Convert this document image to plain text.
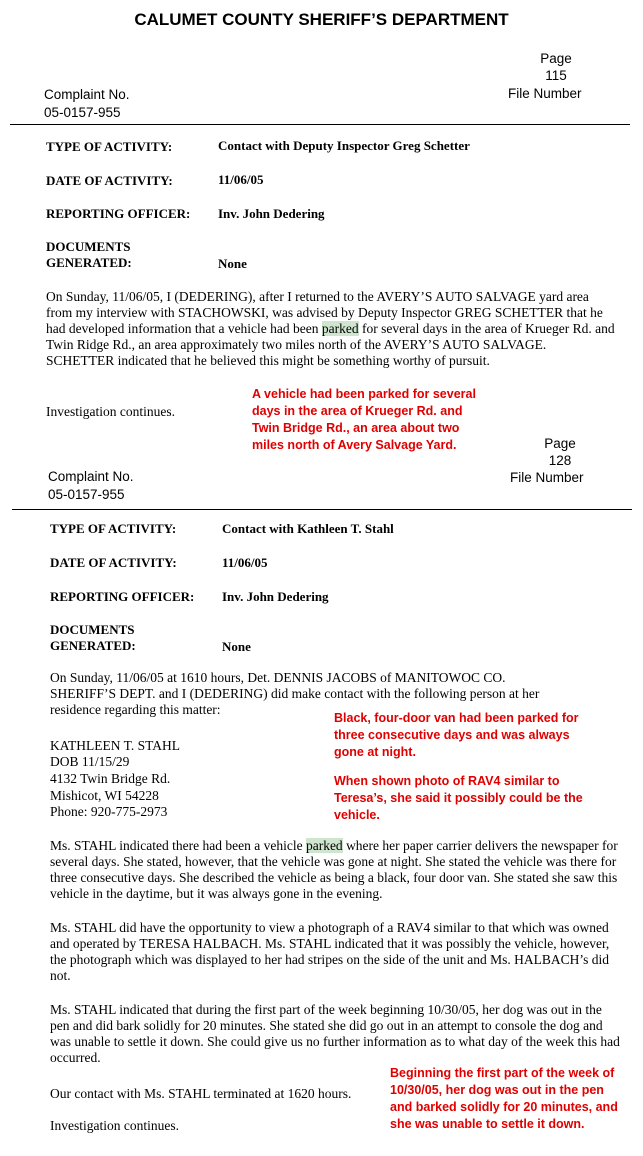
CALUMET COUNTY SHERIFF’S DEPARTMENT
Page
115
Complaint No.	File Number
05-0157-955
TYPE OF ACTIVITY:	Contact with Deputy Inspector Greg Schetter
DATE OF ACTIVITY:	11/06/05
REPORTING OFFICER: Inv. John Dedering
DOCUMENTS
GENERATED:	None
On Sunday, 11/06/05, I (DEDERING), after I returned to the AVERY’S AUTO SALVAGE yard area from my interview with STACHOWSKI, was advised by Deputy Inspector GREG SCHETTER that he had developed information that a vehicle had been parked for several days in the area of Krueger Rd. and Twin Ridge Rd., an area approximately two miles north of the AVERY’S AUTO SALVAGE. SCHETTER indicated that he believed this might be something worthy of pursuit.
Investigation continues.
A vehicle had been parked for several days in the area of Krueger Rd. and Twin Bridge Rd., an area about two miles north of Avery Salvage Yard.	Page
128
Complaint No.	File Number
05-0157-955
TYPE OF ACTIVITY:	Contact with Kathleen T. Stahl
DATE OF ACTIVITY:	11/06/05
REPORTING OFFICER: Inv. John Dedering
DOCUMENTS
GENERATED:	None
On Sunday, 11/06/05 at 1610 hours, Det. DENNIS JACOBS of MANITOWOC CO. SHERIFF’S DEPT. and I (DEDERING) did make contact with the following person at her residence regarding this matter:
KATHLEEN T. STAHL
DOB 11/15/29
4132 Twin Bridge Rd.
Mishicot, WI 54228
Phone: 920-775-2973
Black, four-door van had been parked for three consecutive days and was always gone at night.
When shown photo of RAV4 similar to Teresa’s, she said it possibly could be the vehicle.
Ms. STAHL indicated there had been a vehicle parked where her paper carrier delivers the newspaper for several days. She stated, however, that the vehicle was gone at night. She stated the vehicle was there for three consecutive days. She described the vehicle as being a black, four door van. She stated she saw this vehicle in the daytime, but it was always gone in the evening.
Ms. STAHL did have the opportunity to view a photograph of a RAV4 similar to that which was owned and operated by TERESA HALBACH. Ms. STAHL indicated that it was possibly the vehicle, however, the photograph which was displayed to her had stripes on the side of the unit and Ms. HALBACH’s did not.
Ms. STAHL indicated that during the first part of the week beginning 10/30/05, her dog was out in the pen and did bark solidly for 20 minutes. She stated she did go out in an attempt to console the dog and was unable to settle it down. She could give us no further information as to what day of the week this had occurred.
Our contact with Ms. STAHL terminated at 1620 hours.
Investigation continues.
Beginning the first part of the week of 10/30/05, her dog was out in the pen and barked solidly for 20 minutes, and she was unable to settle it down.
